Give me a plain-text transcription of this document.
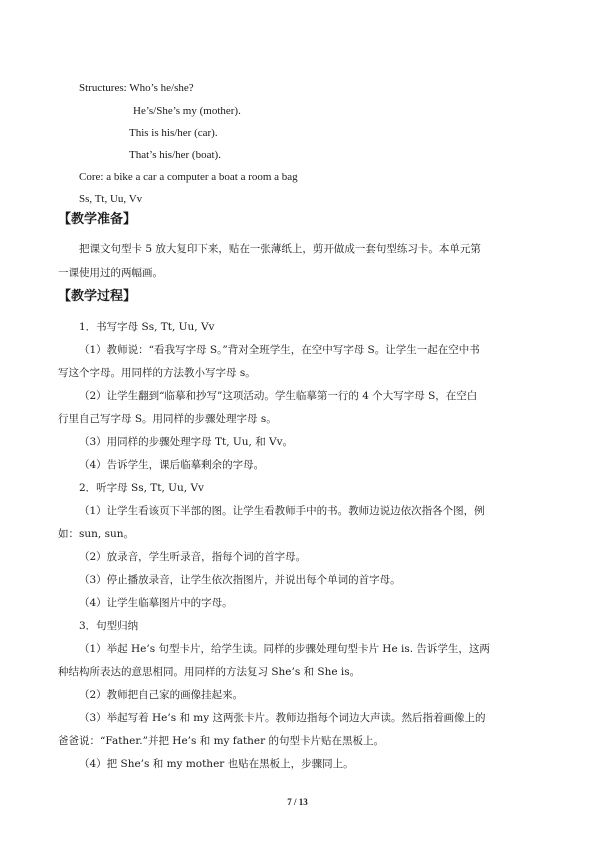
Structures: Who’s he/she?
He’s/She’s my (mother).
This is his/her (car).
That’s his/her (boat).
Core: a bike a car a computer a boat a room a bag
Ss, Tt, Uu, Vv
【教学准备】
把课文句型卡 5 放大复印下来，贴在一张薄纸上，剪开做成一套句型练习卡。本单元第
一课使用过的两幅画。
【教学过程】
1．书写字母 Ss, Tt, Uu, Vv
（1）教师说：“看我写字母 S。”背对全班学生，在空中写字母 S。让学生一起在空中书
写这个字母。用同样的方法教小写字母 s。
（2）让学生翻到“临摹和抄写”这项活动。学生临摹第一行的 4 个大写字母 S，在空白
行里自己写字母 S。用同样的步骤处理字母 s。
（3）用同样的步骤处理字母 Tt, Uu, 和 Vv。
（4）告诉学生，课后临摹剩余的字母。
2．听字母 Ss, Tt, Uu, Vv
（1）让学生看该页下半部的图。让学生看教师手中的书。教师边说边依次指各个图，例
如：sun, sun。
（2）放录音，学生听录音，指每个词的首字母。
（3）停止播放录音，让学生依次指图片，并说出每个单词的首字母。
（4）让学生临摹图片中的字母。
3．句型归纳
（1）举起 He’s 句型卡片，给学生读。同样的步骤处理句型卡片 He is. 告诉学生，这两
种结构所表达的意思相同。用同样的方法复习 She’s 和 She is。
（2）教师把自己家的画像挂起来。
（3）举起写着 He’s 和 my 这两张卡片。教师边指每个词边大声读。然后指着画像上的
爸爸说：“Father.”并把 He’s 和 my father 的句型卡片贴在黑板上。
（4）把 She’s 和 my mother 也贴在黑板上，步骤同上。
7 / 13
